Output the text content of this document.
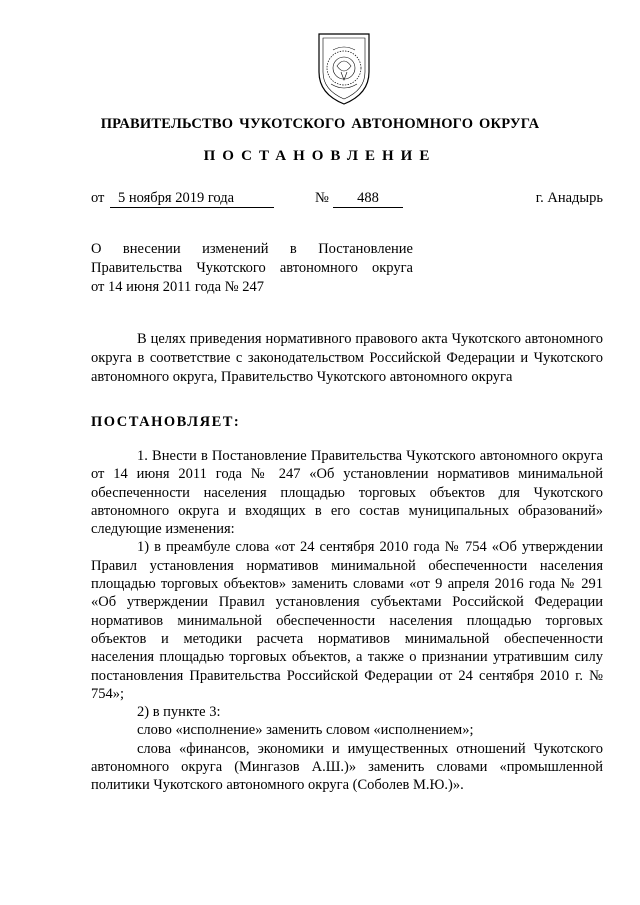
ПРАВИТЕЛЬСТВО ЧУКОТСКОГО АВТОНОМНОГО ОКРУГА
ПОСТАНОВЛЕНИЕ
от 5 ноября 2019 года	№	488	г. Анадырь
О внесении изменений в Постановление
Правительства Чукотского автономного округа
от 14 июня 2011 года № 247
В целях приведения нормативного правового акта Чукотского автономного округа в соответствие с законодательством Российской Федерации и Чукотского автономного округа, Правительство Чукотского автономного округа
ПОСТАНОВЛЯЕТ:

1. Внести в Постановление Правительства Чукотского автономного округа от 14 июня 2011 года № 247 «Об установлении нормативов минимальной обеспеченности населения площадью торговых объектов для Чукотского автономного округа и входящих в его состав муниципальных образований» следующие изменения:

1) в преамбуле слова «от 24 сентября 2010 года № 754 «Об утверждении Правил установления нормативов минимальной обеспеченности населения площадью торговых объектов» заменить словами «от 9 апреля 2016 года № 291 «Об утверждении Правил установления субъектами Российской Федерации нормативов минимальной обеспеченности населения площадью торговых объектов и методики расчета нормативов минимальной обеспеченности населения площадью торговых объектов, а также о признании утратившим силу постановления Правительства Российской Федерации от 24 сентября 2010 г. № 754»;

2) в пункте 3:

слово «исполнение» заменить словом «исполнением»;

слова «финансов, экономики и имущественных отношений Чукотского автономного округа (Мингазов А.Ш.)» заменить словами «промышленной политики Чукотского автономного округа (Соболев М.Ю.)».
